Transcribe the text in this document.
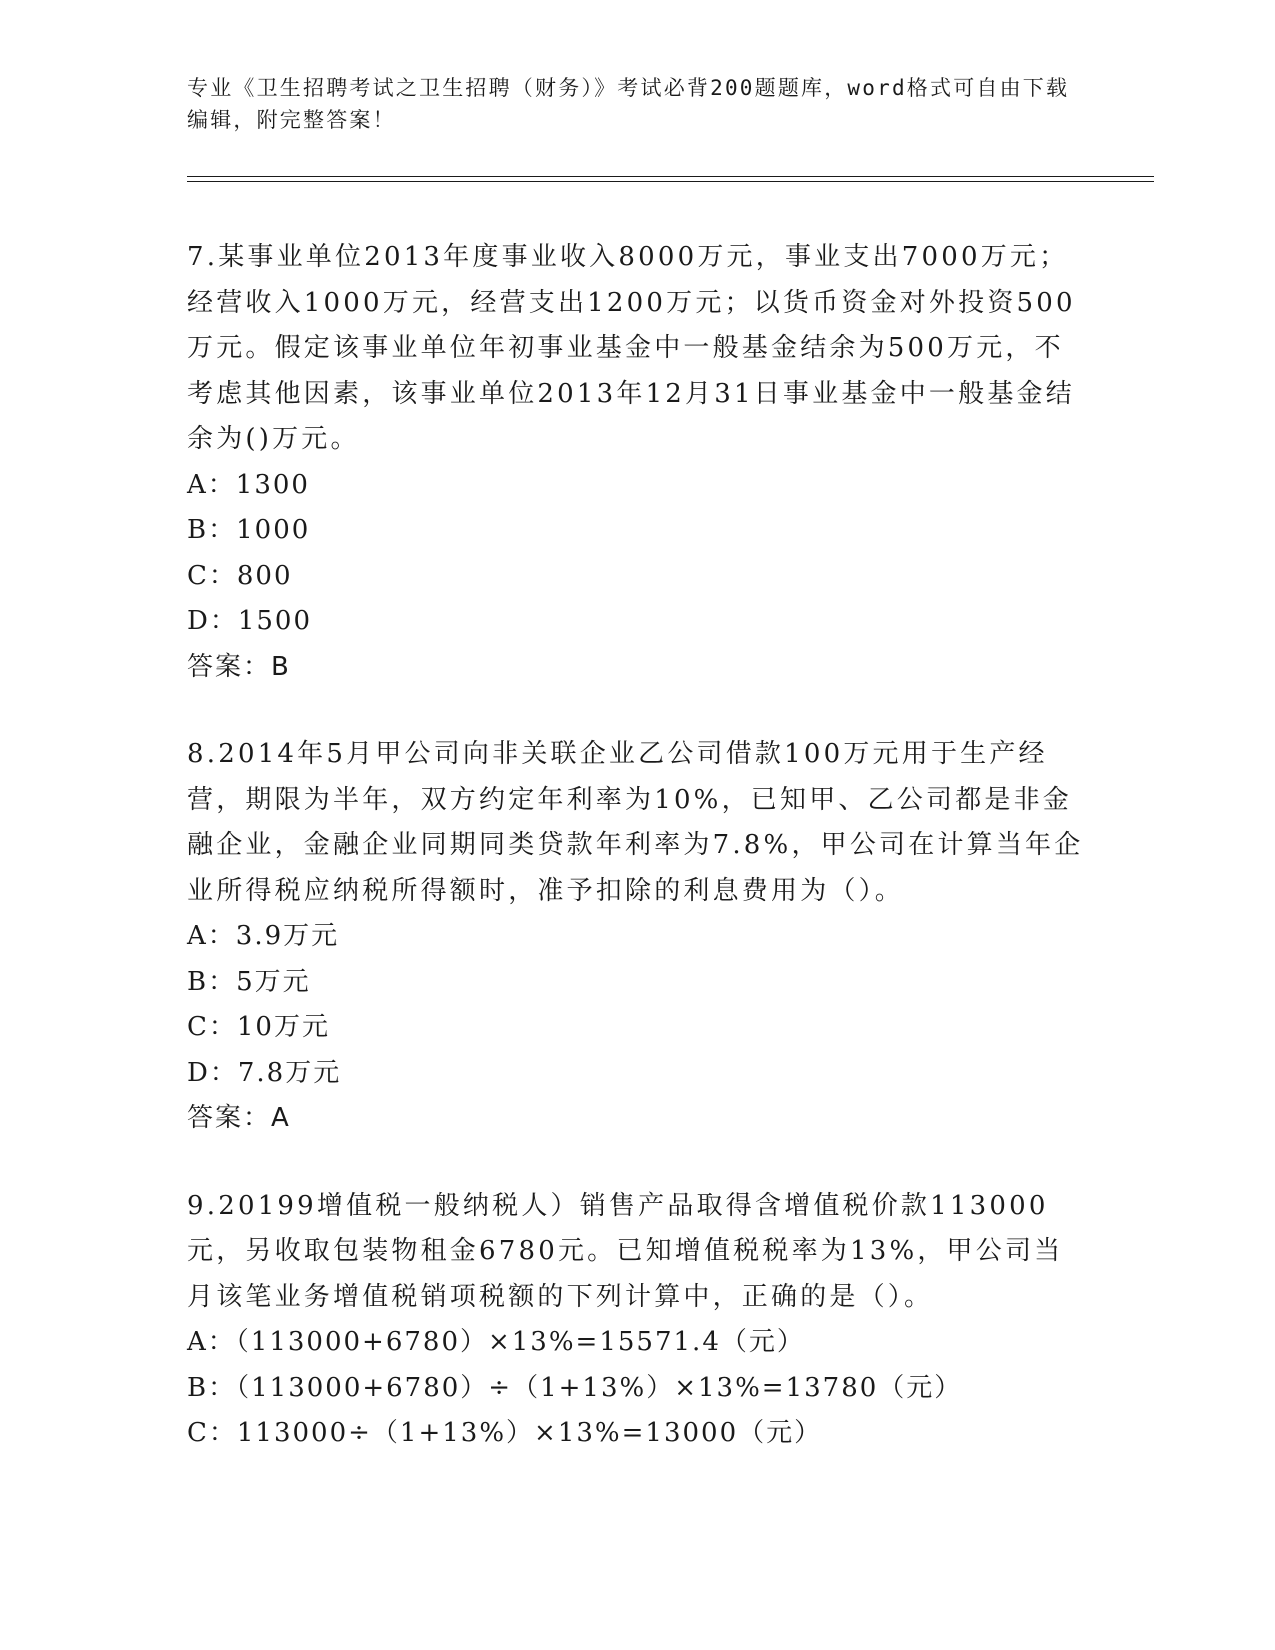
专业《卫生招聘考试之卫生招聘（财务）》考试必背200题题库，word格式可自由下载编辑，附完整答案！
7.某事业单位2013年度事业收入8000万元，事业支出7000万元；经营收入1000万元，经营支出1200万元；以货币资金对外投资500万元。假定该事业单位年初事业基金中一般基金结余为500万元，不考虑其他因素，该事业单位2013年12月31日事业基金中一般基金结余为()万元。
A：1300
B：1000
C：800
D：1500
答案：B
8.2014年5月甲公司向非关联企业乙公司借款100万元用于生产经营，期限为半年，双方约定年利率为10%，已知甲、乙公司都是非金融企业，金融企业同期同类贷款年利率为7.8%，甲公司在计算当年企业所得税应纳税所得额时，准予扣除的利息费用为（）。
A：3.9万元
B：5万元
C：10万元
D：7.8万元
答案：A
9.20199增值税一般纳税人）销售产品取得含增值税价款113000元，另收取包装物租金6780元。已知增值税税率为13%，甲公司当月该笔业务增值税销项税额的下列计算中，正确的是（）。
A：（113000+6780）×13%=15571.4（元）
B：（113000+6780）÷（1+13%）×13%=13780（元）
C：113000÷（1+13%）×13%=13000（元）
